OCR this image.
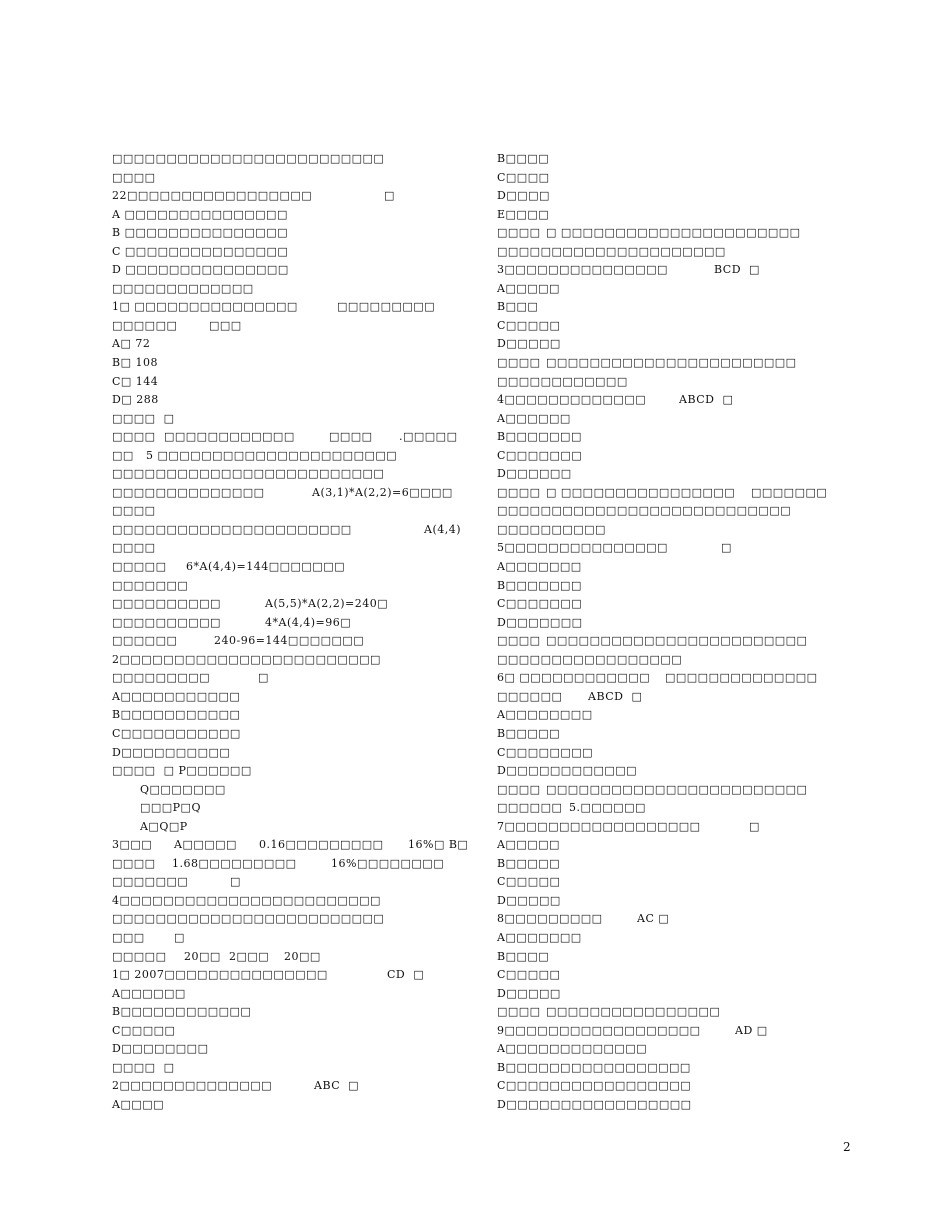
□□□□□□□□□□□□□□□□□□□□□□□□□
□□□□
22□□□□□□□□□□□□□□□□□	□
A □□□□□□□□□□□□□□□
B □□□□□□□□□□□□□□□
C □□□□□□□□□□□□□□□
D □□□□□□□□□□□□□□□
□□□□□□□□□□□□□
1□ □□□□□□□□□□□□□□□	□□□□□□□□□
□□□□□□	□□□
A□ 72
B□ 108
C□ 144
D□ 288
□□□□  □
□□□□ □□□□□□□□□□□□	□□□□ .□□□□□
□□ 5 □□□□□□□□□□□□□□□□□□□□□□
□□□□□□□□□□□□□□□□□□□□□□□□□
□□□□□□□□□□□□□□	A(3,1)*A(2,2)=6□□□□
□□□□
□□□□□□□□□□□□□□□□□□□□□□	A(4,4)
□□□□
□□□□□ 6*A(4,4)=144□□□□□□□
□□□□□□□
□□□□□□□□□□	A(5,5)*A(2,2)=240□
□□□□□□□□□□	4*A(4,4)=96□
□□□□□□	240-96=144□□□□□□□
2□□□□□□□□□□□□□□□□□□□□□□□□
□□□□□□□□□	□
A□□□□□□□□□□□
B□□□□□□□□□□□
C□□□□□□□□□□□
D□□□□□□□□□□
□□□□  □ P□□□□□□
Q□□□□□□□
□□□P□Q
A□Q□P
3□□□ A□□□□□ 0.16□□□□□□□□□ 16%□ B□
□□□□ 1.68□□□□□□□□□	16%□□□□□□□□
□□□□□□□	□
4□□□□□□□□□□□□□□□□□□□□□□□□
□□□□□□□□□□□□□□□□□□□□□□□□□
□□□	□
□□□□□ 20□□ 2□□□ 20□□
1□ 2007□□□□□□□□□□□□□□□	CD  □
A□□□□□□
B□□□□□□□□□□□□
C□□□□□
D□□□□□□□□
□□□□  □
2□□□□□□□□□□□□□□	ABC  □
A□□□□
B□□□□
C□□□□
D□□□□
E□□□□
□□□□ □ □□□□□□□□□□□□□□□□□□□□□□
□□□□□□□□□□□□□□□□□□□□□
3□□□□□□□□□□□□□□□	BCD  □
A□□□□□
B□□□
C□□□□□
D□□□□□
□□□□ □□□□□□□□□□□□□□□□□□□□□□□
□□□□□□□□□□□□
4□□□□□□□□□□□□□	ABCD  □
A□□□□□□
B□□□□□□□
C□□□□□□□
D□□□□□□
□□□□ □ □□□□□□□□□□□□□□□□ □□□□□□□
□□□□□□□□□□□□□□□□□□□□□□□□□□□
□□□□□□□□□□
5□□□□□□□□□□□□□□□	□
A□□□□□□□
B□□□□□□□
C□□□□□□□
D□□□□□□□
□□□□ □□□□□□□□□□□□□□□□□□□□□□□□
□□□□□□□□□□□□□□□□□
6□ □□□□□□□□□□□□ □□□□□□□□□□□□□□
□□□□□□ ABCD  □
A□□□□□□□□
B□□□□□
C□□□□□□□□
D□□□□□□□□□□□□
□□□□ □□□□□□□□□□□□□□□□□□□□□□□□
□□□□□□ 5.□□□□□□
7□□□□□□□□□□□□□□□□□□	□
A□□□□□
B□□□□□
C□□□□□
D□□□□□
8□□□□□□□□□	AC □
A□□□□□□□
B□□□□
C□□□□□
D□□□□□
□□□□ □□□□□□□□□□□□□□□□
9□□□□□□□□□□□□□□□□□□	AD □
A□□□□□□□□□□□□□
B□□□□□□□□□□□□□□□□□
C□□□□□□□□□□□□□□□□□
D□□□□□□□□□□□□□□□□□
2
